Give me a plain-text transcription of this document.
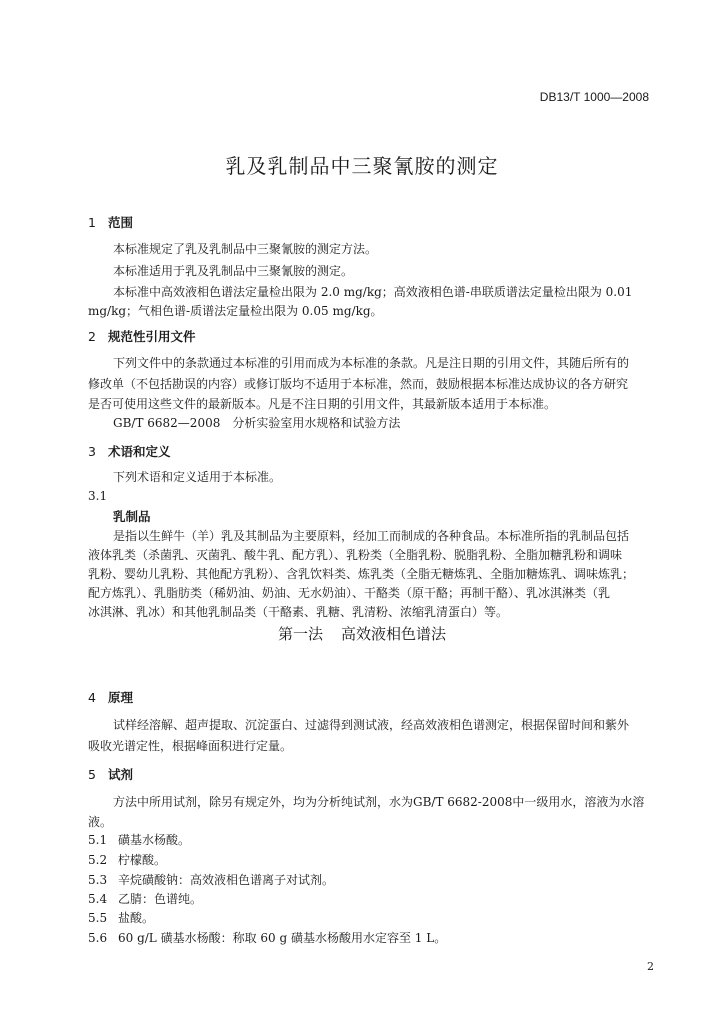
DB13/T 1000—2008
乳及乳制品中三聚氰胺的测定
1 范围
本标准规定了乳及乳制品中三聚氰胺的测定方法。
本标准适用于乳及乳制品中三聚氰胺的测定。
本标准中高效液相色谱法定量检出限为 2.0 mg/kg；高效液相色谱-串联质谱法定量检出限为 0.01
mg/kg；气相色谱-质谱法定量检出限为 0.05 mg/kg。
2 规范性引用文件
下列文件中的条款通过本标准的引用而成为本标准的条款。凡是注日期的引用文件，其随后所有的
修改单（不包括勘误的内容）或修订版均不适用于本标准，然而，鼓励根据本标准达成协议的各方研究
是否可使用这些文件的最新版本。凡是不注日期的引用文件，其最新版本适用于本标准。
GB/T 6682—2008　分析实验室用水规格和试验方法
3 术语和定义
下列术语和定义适用于本标准。
3.1
乳制品
是指以生鲜牛（羊）乳及其制品为主要原料，经加工而制成的各种食品。本标准所指的乳制品包括
液体乳类（杀菌乳、灭菌乳、酸牛乳、配方乳）、乳粉类（全脂乳粉、脱脂乳粉、全脂加糖乳粉和调味
乳粉、婴幼儿乳粉、其他配方乳粉）、含乳饮料类、炼乳类（全脂无糖炼乳、全脂加糖炼乳、调味炼乳；
配方炼乳）、乳脂肪类（稀奶油、奶油、无水奶油）、干酪类（原干酪；再制干酪）、乳冰淇淋类（乳
冰淇淋、乳冰）和其他乳制品类（干酪素、乳糖、乳清粉、浓缩乳清蛋白）等。
第一法 高效液相色谱法
4 原理
试样经溶解、超声提取、沉淀蛋白、过滤得到测试液，经高效液相色谱测定，根据保留时间和紫外
吸收光谱定性，根据峰面积进行定量。
5 试剂
方法中所用试剂，除另有规定外，均为分析纯试剂，水为GB/T 6682-2008中一级用水，溶液为水溶
液。
5.1 磺基水杨酸。
5.2 柠檬酸。
5.3 辛烷磺酸钠：高效液相色谱离子对试剂。
5.4 乙腈：色谱纯。
5.5 盐酸。
5.6 60 g/L 磺基水杨酸：称取 60 g 磺基水杨酸用水定容至 1 L。
2
